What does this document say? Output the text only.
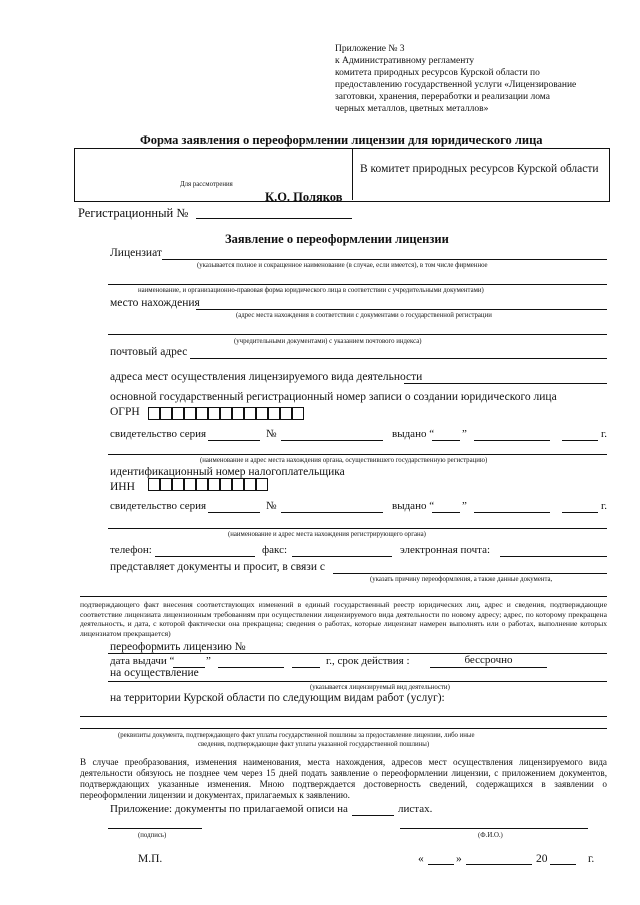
Приложение № 3
к Административному регламенту
комитета природных ресурсов Курской области по
предоставлению государственной услуги «Лицензирование
заготовки, хранения, переработки и реализации лома
черных металлов, цветных металлов»
Форма заявления о переоформлении лицензии для юридического лица
Для рассмотрения
К.О. Поляков
В комитет природных ресурсов Курской области
Регистрационный №
Заявление о переоформлении лицензии
Лицензиат
(указывается полное и сокращенное наименование (в случае, если имеется), в том числе фирменное
наименование, и организационно-правовая форма юридического лица в соответствии с учредительными документами)
место нахождения
(адрес места нахождения в соответствии с документами о государственной регистрации
(учредительными документами) с указанием почтового индекса)
почтовый адрес
адреса мест осуществления лицензируемого вида деятельности
основной государственный регистрационный номер записи о создании юридического лица
ОГРН
свидетельство серия	№	выдано “	”	г.
(наименование и адрес места нахождения органа, осуществившего государственную регистрацию)
идентификационный номер налогоплательщика
ИНН
свидетельство серия	№	выдано “	”	г.
(наименование и адрес места нахождения регистрирующего органа)
телефон:	факс:	электронная почта:
представляет документы и просит, в связи с
(указать причину переоформления, а также данные документа,
подтверждающего факт внесения соответствующих изменений в единый государственный реестр юридических лиц, адрес и сведения, подтверждающие соответствие лицензиата лицензионным требованиям при осуществлении лицензируемого вида деятельности по новому адресу; адрес, по которому прекращена деятельность, и дата, с которой фактически она прекращена; сведения о работах, которые лицензиат намерен выполнять или о работах, выполнение которых лицензиатом прекращается)
переоформить лицензию №
дата выдачи “	”	г., срок действия :	бессрочно
на осуществление
(указывается лицензируемый вид деятельности)
на территории Курской области по следующим видам работ (услуг):
(реквизиты документа, подтверждающего факт уплаты государственной пошлины за предоставление лицензии, либо иные
сведения, подтверждающие факт уплаты указанной государственной пошлины)
В случае преобразования, изменения наименования, места нахождения, адресов мест осуществления лицензируемого вида деятельности обязуюсь не позднее чем через 15 дней подать заявление о переоформлении лицензии, с приложением документов, подтверждающих указанные изменения. Мною подтверждается достоверность сведений, содержащихся в заявлении о переоформлении лицензии и документах, прилагаемых к заявлению.
Приложение: документы по прилагаемой описи на	листах.
(подпись)	(Ф.И.О.)
М.П.	«	»	20	г.
